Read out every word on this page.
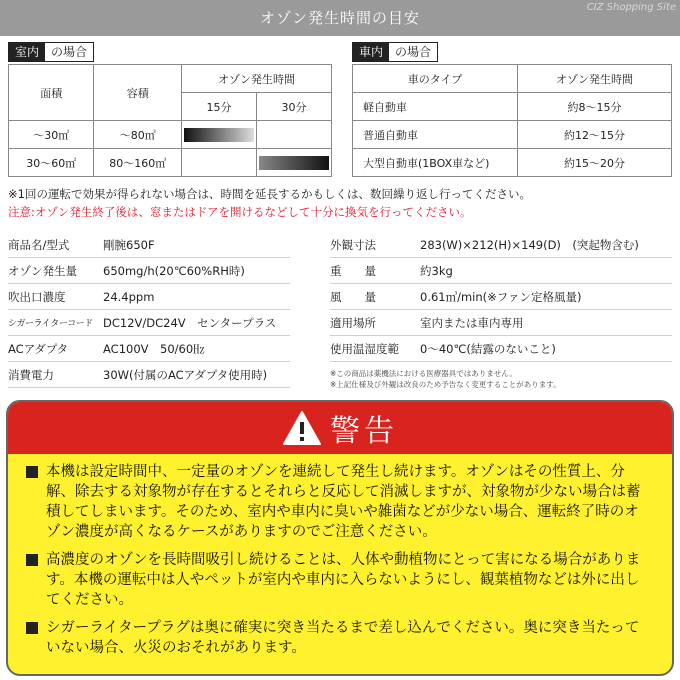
オゾン発生時間の目安
CIZ Shopping Site
室内	の場合
面積	容積	オゾン発生時間	
		15分	30分
～30㎡	～80㎥	

30～60㎡	80～160㎥		
車内	の場合
車のタイプ	オゾン発生時間
軽自動車	約8～15分
普通自動車	約12～15分
大型自動車(1BOX車など)	約15～20分
※1回の運転で効果が得られない場合は、時間を延長するかもしくは、数回繰り返し行ってください。
注意:オゾン発生終了後は、窓またはドアを開けるなどして十分に換気を行ってください。
商品名/型式	剛腕650F
オゾン発生量	650mg/h(20℃60%RH時)
吹出口濃度	24.4ppm
シガーライターコード DC12V/DC24V　センタープラス
ACアダプタ	AC100V　50/60㎐
消費電力	30W(付属のACアダプタ使用時)
外観寸法	283(W)×212(H)×149(D)　(突起物含む)
重　　量	約3kg
風　　量	0.61㎥/min(※ファン定格風量)
適用場所	室内または車内専用
使用温湿度範	0～40℃(結露のないこと)
※この商品は薬機法における医療器具ではありません。
※上記仕様及び外観は改良のため予告なく変更することがあります。
警告
本機は設定時間中、一定量のオゾンを連続して発生し続けます。オゾンはその性質上、分解、除去する対象物が存在するとそれらと反応して消滅しますが、対象物が少ない場合は蓄積してしまいます。そのため、室内や車内に臭いや雑菌などが少ない場合、運転終了時のオゾン濃度が高くなるケースがありますのでご注意ください。
高濃度のオゾンを長時間吸引し続けることは、人体や動植物にとって害になる場合があります。本機の運転中は人やペットが室内や車内に入らないようにし、観葉植物などは外に出してください。
シガーライタープラグは奥に確実に突き当たるまで差し込んでください。奥に突き当たっていない場合、火災のおそれがあります。
